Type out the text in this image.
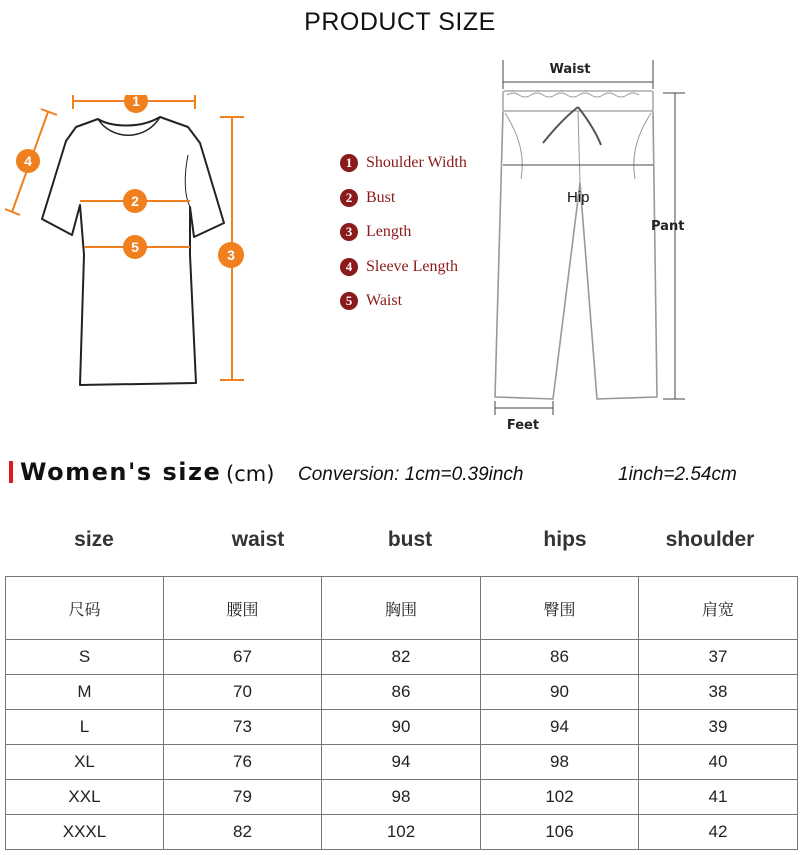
PRODUCT SIZE
1
4
2
5	3
1 Shoulder Width
2 Bust
3 Length
4 Sleeve Length
5 Waist
Waist
Hip
Pant
Feet
Women's size (cm) Conversion: 1cm=0.39inch	1inch=2.54cm
size	waist	bust	hips	shoulder
尺码	腰围	胸围	臀围	肩宽
S	67	82	86	37
M	70	86	90	38
L	73	90	94	39
XL	76	94	98	40
XXL	79	98	102	41
XXXL	82	102	106	42
